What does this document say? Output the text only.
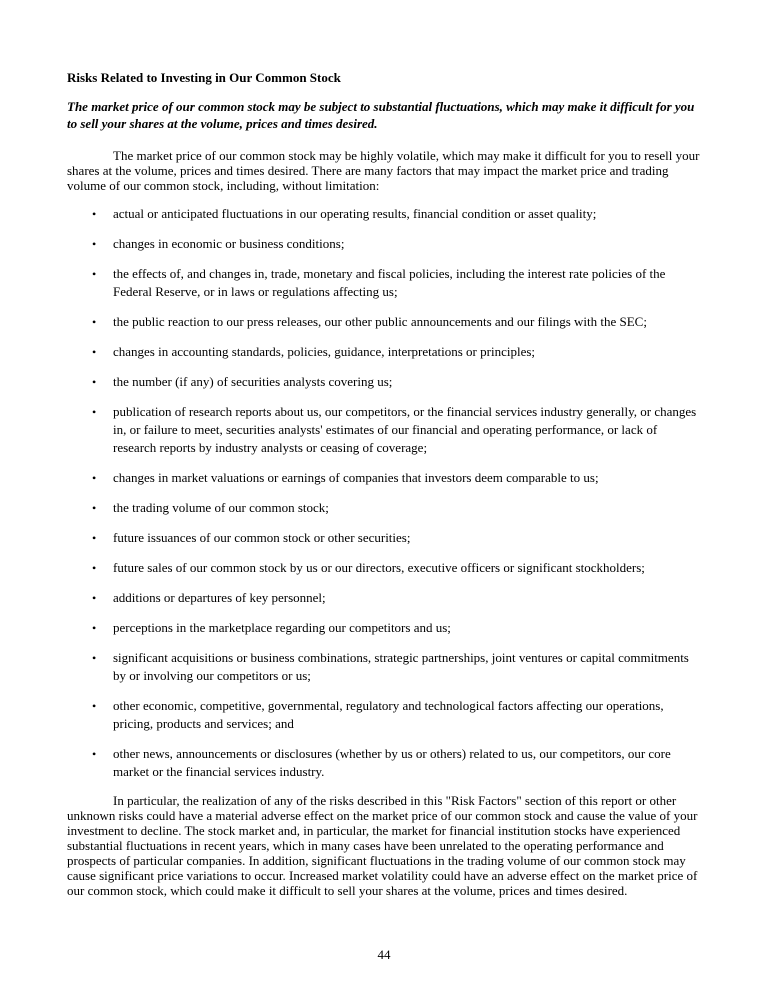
Risks Related to Investing in Our Common Stock

The market price of our common stock may be subject to substantial fluctuations, which may make it difficult for you to sell your shares at the volume, prices and times desired.

The market price of our common stock may be highly volatile, which may make it difficult for you to resell your shares at the volume, prices and times desired. There are many factors that may impact the market price and trading volume of our common stock, including, without limitation:

• actual or anticipated fluctuations in our operating results, financial condition or asset quality;
• changes in economic or business conditions;
• the effects of, and changes in, trade, monetary and fiscal policies, including the interest rate policies of the Federal Reserve, or in laws or regulations affecting us;
• the public reaction to our press releases, our other public announcements and our filings with the SEC;
• changes in accounting standards, policies, guidance, interpretations or principles;
• the number (if any) of securities analysts covering us;
• publication of research reports about us, our competitors, or the financial services industry generally, or changes in, or failure to meet, securities analysts' estimates of our financial and operating performance, or lack of research reports by industry analysts or ceasing of coverage;
• changes in market valuations or earnings of companies that investors deem comparable to us;
• the trading volume of our common stock;
• future issuances of our common stock or other securities;
• future sales of our common stock by us or our directors, executive officers or significant stockholders;
• additions or departures of key personnel;
• perceptions in the marketplace regarding our competitors and us;
• significant acquisitions or business combinations, strategic partnerships, joint ventures or capital commitments by or involving our competitors or us;
• other economic, competitive, governmental, regulatory and technological factors affecting our operations, pricing, products and services; and
• other news, announcements or disclosures (whether by us or others) related to us, our competitors, our core market or the financial services industry.

In particular, the realization of any of the risks described in this "Risk Factors" section of this report or other unknown risks could have a material adverse effect on the market price of our common stock and cause the value of your investment to decline. The stock market and, in particular, the market for financial institution stocks have experienced substantial fluctuations in recent years, which in many cases have been unrelated to the operating performance and prospects of particular companies. In addition, significant fluctuations in the trading volume of our common stock may cause significant price variations to occur. Increased market volatility could have an adverse effect on the market price of our common stock, which could make it difficult to sell your shares at the volume, prices and times desired.

44
